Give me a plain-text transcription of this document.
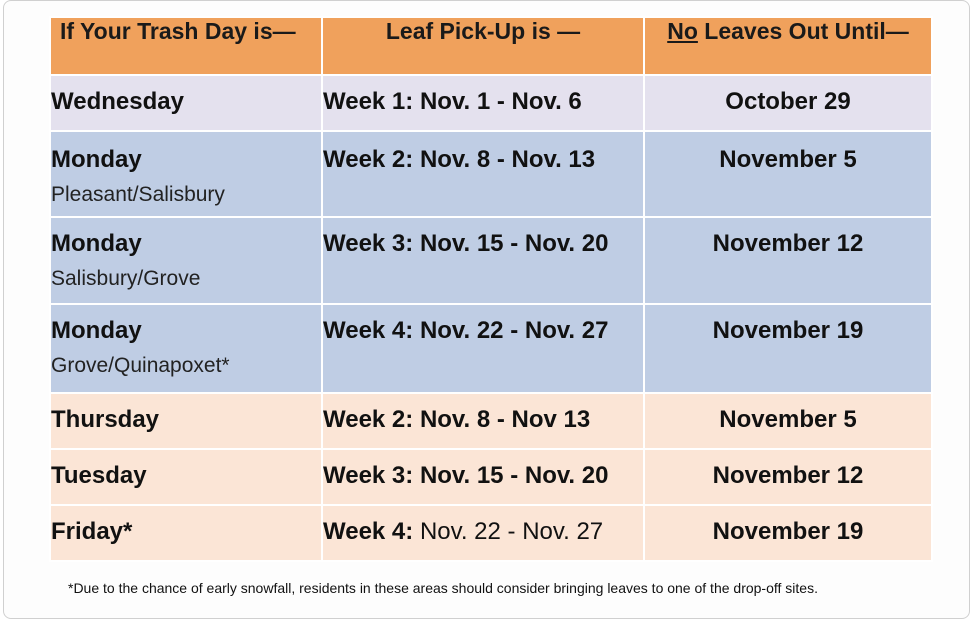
If Your Trash Day is—	Leaf Pick-Up is —	No Leaves Out Until—

Wednesday	Week 1: Nov. 1 - Nov. 6	October 29

Monday
Pleasant/Salisbury	Week 2: Nov. 8 - Nov. 13	November 5

Monday
Salisbury/Grove	Week 3: Nov. 15 - Nov. 20	November 12

Monday
Grove/Quinapoxet*	Week 4: Nov. 22 - Nov. 27	November 19

Thursday	Week 2: Nov. 8 - Nov 13	November 5

Tuesday	Week 3: Nov. 15 - Nov. 20	November 12

Friday*	Week 4: Nov. 22 - Nov. 27	November 19
*Due to the chance of early snowfall, residents in these areas should consider bringing leaves to one of the drop-off sites.
